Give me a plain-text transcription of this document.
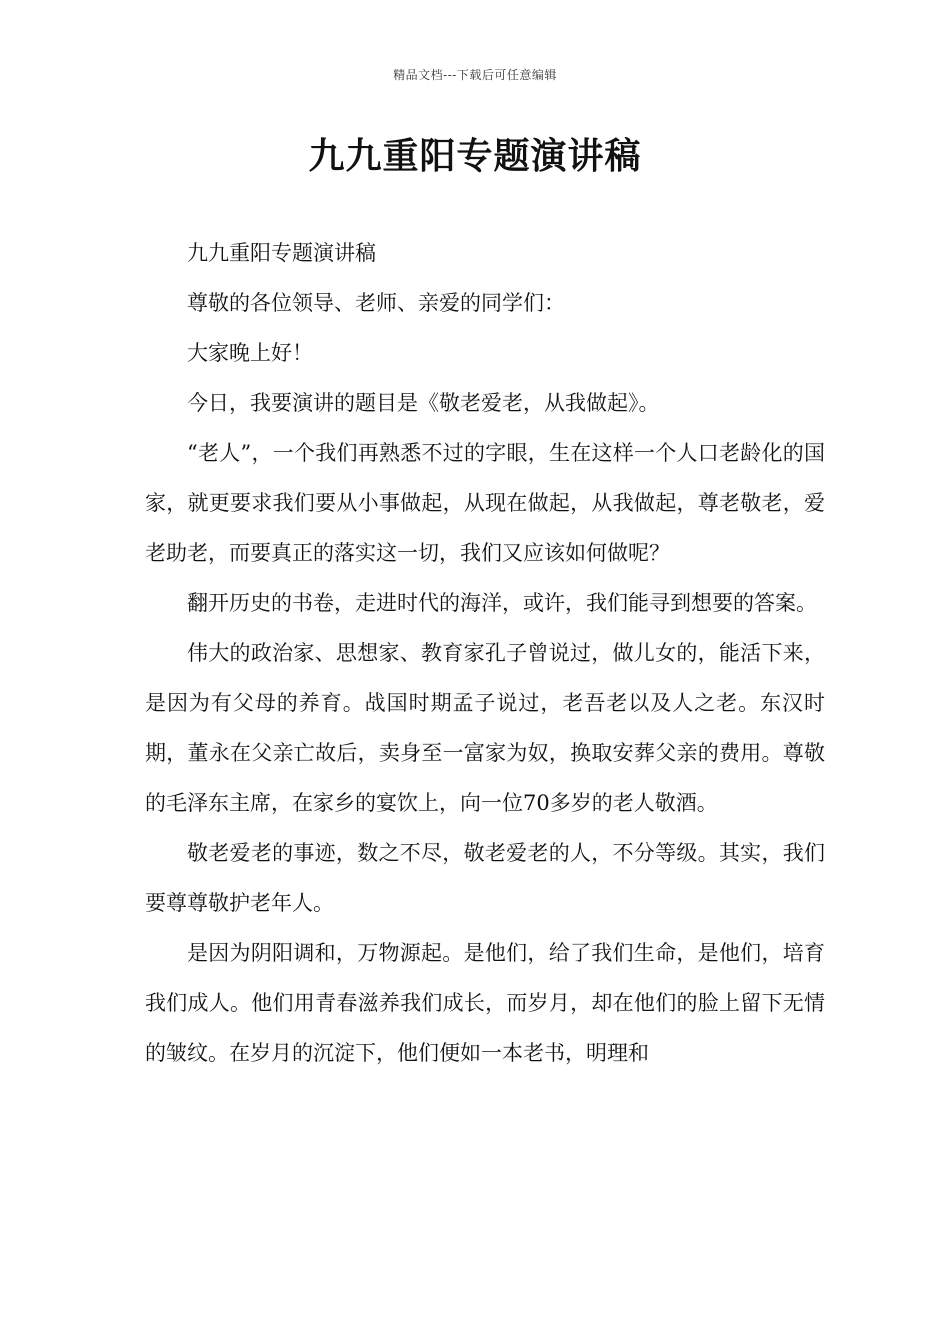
精品文档---下载后可任意编辑
九九重阳专题演讲稿

九九重阳专题演讲稿

尊敬的各位领导、老师、亲爱的同学们：

大家晚上好！

今日，我要演讲的题目是《敬老爱老，从我做起》。

“老人”，一个我们再熟悉不过的字眼，生在这样一个人口老龄化的国家，就更要求我们要从小事做起，从现在做起，从我做起，尊老敬老，爱老助老，而要真正的落实这一切，我们又应该如何做呢？

翻开历史的书卷，走进时代的海洋，或许，我们能寻到想要的答案。

伟大的政治家、思想家、教育家孔子曾说过，做儿女的，能活下来，是因为有父母的养育。战国时期孟子说过，老吾老以及人之老。东汉时期，董永在父亲亡故后，卖身至一富家为奴，换取安葬父亲的费用。尊敬的毛泽东主席，在家乡的宴饮上，向一位70多岁的老人敬酒。

敬老爱老的事迹，数之不尽，敬老爱老的人，不分等级。其实，我们要尊尊敬护老年人。

是因为阴阳调和，万物源起。是他们，给了我们生命，是他们，培育我们成人。他们用青春滋养我们成长，而岁月，却在他们的脸上留下无情的皱纹。在岁月的沉淀下，他们便如一本老书，明理和
